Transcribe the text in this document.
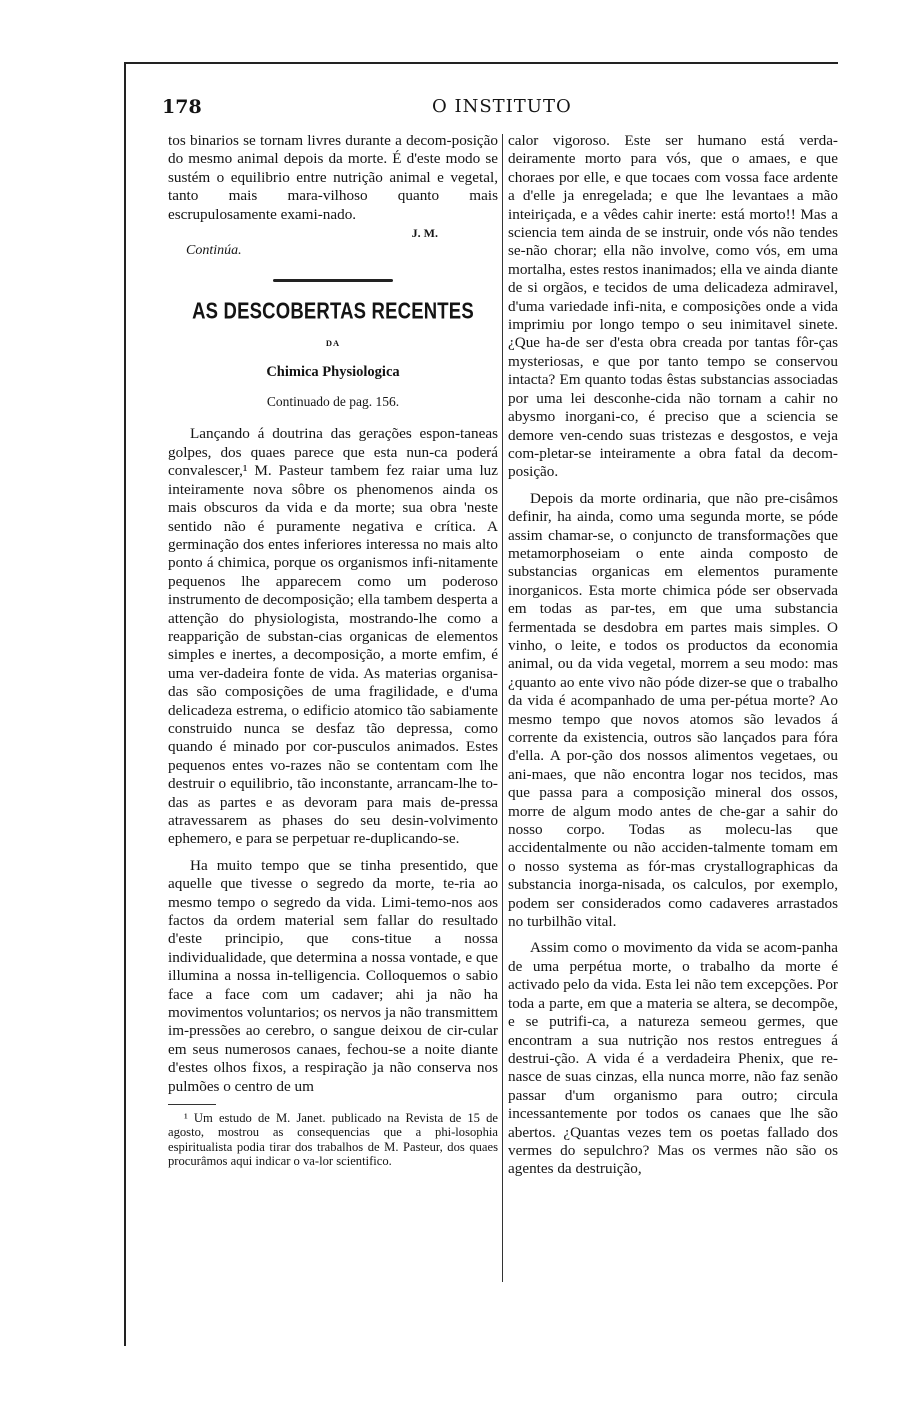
178	O INSTITUTO

tos binarios se tornam livres durante a decom-posição do mesmo animal depois da morte. É d'este modo se sustém o equilibrio entre nutrição animal e vegetal, tanto mais mara-vilhoso quanto mais escrupulosamente exami-nado.

J. M.

Continúa.

AS DESCOBERTAS RECENTES

DA

Chimica Physiologica

Continuado de pag. 156.

Lançando á doutrina das gerações espon-taneas golpes, dos quaes parece que esta nun-ca poderá convalescer,¹ M. Pasteur tambem fez raiar uma luz inteiramente nova sôbre os phenomenos ainda os mais obscuros da vida e da morte; sua obra 'neste sentido não é puramente negativa e crítica. A germinação dos entes inferiores interessa no mais alto ponto á chimica, porque os organismos infi-nitamente pequenos lhe apparecem como um poderoso instrumento de decomposição; ella tambem desperta a attenção do physiologista, mostrando-lhe como a reapparição de substan-cias organicas de elementos simples e inertes, a decomposição, a morte emfim, é uma ver-dadeira fonte de vida. As materias organisa-das são composições de uma fragilidade, e d'uma delicadeza estrema, o edificio atomico tão sabiamente construido nunca se desfaz tão depressa, como quando é minado por cor-pusculos animados. Estes pequenos entes vo-razes não se contentam com lhe destruir o equilibrio, tão inconstante, arrancam-lhe to-das as partes e as devoram para mais de-pressa atravessarem as phases do seu desin-volvimento ephemero, e para se perpetuar re-duplicando-se.

Ha muito tempo que se tinha presentido, que aquelle que tivesse o segredo da morte, te-ria ao mesmo tempo o segredo da vida. Limi-temo-nos aos factos da ordem material sem fallar do resultado d'este principio, que cons-titue a nossa individualidade, que determina a nossa vontade, e que illumina a nossa in-telligencia. Colloquemos o sabio face a face com um cadaver; ahi ja não ha movimentos voluntarios; os nervos ja não transmittem im-pressões ao cerebro, o sangue deixou de cir-cular em seus numerosos canaes, fechou-se a noite diante d'estes olhos fixos, a respiração ja não conserva nos pulmões o centro de um

¹ Um estudo de M. Janet. publicado na Revista de 15 de agosto, mostrou as consequencias que a phi-losophia espiritualista podia tirar dos trabalhos de M. Pasteur, dos quaes procurâmos aqui indicar o va-lor scientifico.

calor vigoroso. Este ser humano está verda-deiramente morto para vós, que o amaes, e que choraes por elle, e que tocaes com vossa face ardente a d'elle ja enregelada; e que lhe levantaes a mão inteiriçada, e a vêdes cahir inerte: está morto!! Mas a sciencia tem ainda de se instruir, onde vós não tendes se-não chorar; ella não involve, como vós, em uma mortalha, estes restos inanimados; ella ve ainda diante de si orgãos, e tecidos de uma delicadeza admiravel, d'uma variedade infi-nita, e composições onde a vida imprimiu por longo tempo o seu inimitavel sinete. ¿Que ha-de ser d'esta obra creada por tantas fôr-ças mysteriosas, e que por tanto tempo se conservou intacta? Em quanto todas êstas substancias associadas por uma lei desconhe-cida não tornam a cahir no abysmo inorgani-co, é preciso que a sciencia se demore ven-cendo suas tristezas e desgostos, e veja com-pletar-se inteiramente a obra fatal da decom-posição.

Depois da morte ordinaria, que não pre-cisâmos definir, ha ainda, como uma segunda morte, se póde assim chamar-se, o conjuncto de transformações que metamorphoseiam o ente ainda composto de substancias organicas em elementos puramente inorganicos. Esta morte chimica póde ser observada em todas as par-tes, em que uma substancia fermentada se desdobra em partes mais simples. O vinho, o leite, e todos os productos da economia animal, ou da vida vegetal, morrem a seu modo: mas ¿quanto ao ente vivo não póde dizer-se que o trabalho da vida é acompanhado de uma per-pétua morte? Ao mesmo tempo que novos atomos são levados á corrente da existencia, outros são lançados para fóra d'ella. A por-ção dos nossos alimentos vegetaes, ou ani-maes, que não encontra logar nos tecidos, mas que passa para a composição mineral dos ossos, morre de algum modo antes de che-gar a sahir do nosso corpo. Todas as molecu-las que accidentalmente ou não acciden-talmente tomam em o nosso systema as fór-mas crystallographicas da substancia inorga-nisada, os calculos, por exemplo, podem ser considerados como cadaveres arrastados no turbilhão vital.

Assim como o movimento da vida se acom-panha de uma perpétua morte, o trabalho da morte é activado pelo da vida. Esta lei não tem excepções. Por toda a parte, em que a materia se altera, se decompõe, e se putrifi-ca, a natureza semeou germes, que encontram a sua nutrição nos restos entregues á destrui-ção. A vida é a verdadeira Phenix, que re-nasce de suas cinzas, ella nunca morre, não faz senão passar d'um organismo para outro; circula incessantemente por todos os canaes que lhe são abertos. ¿Quantas vezes tem os poetas fallado dos vermes do sepulchro? Mas os vermes não são os agentes da destruição,
